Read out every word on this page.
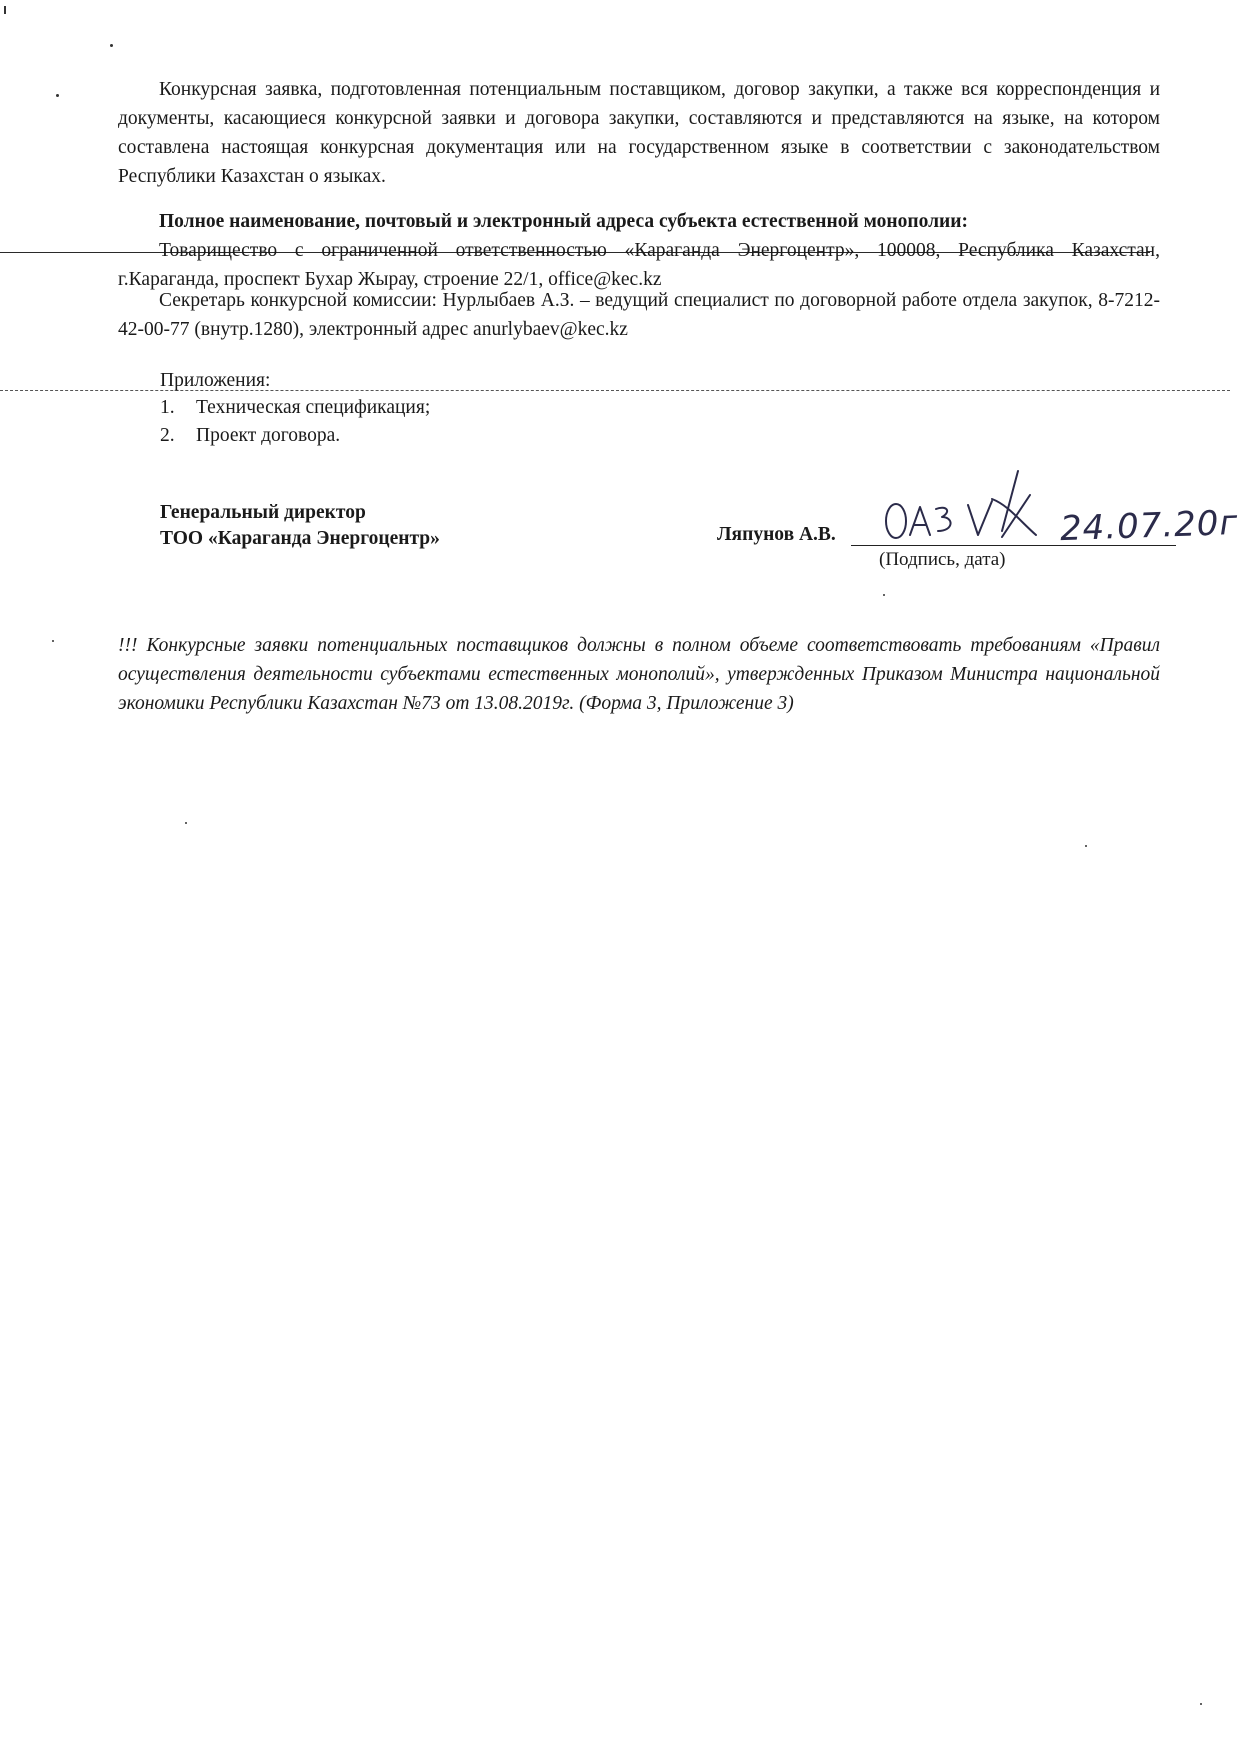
Конкурсная заявка, подготовленная потенциальным поставщиком, договор закупки, а также вся корреспонденция и документы, касающиеся конкурсной заявки и договора закупки, составляются и представляются на языке, на котором составлена настоящая конкурсная документация или на государственном языке в соответствии с законодательством Республики Казахстан о языках.
Полное наименование, почтовый и электронный адреса субъекта естественной монополии:
Товарищество с ограниченной ответственностью «Караганда Энергоцентр», 100008, Республика Казахстан, г.Караганда, проспект Бухар Жырау, строение 22/1, office@kec.kz
Секретарь конкурсной комиссии: Нурлыбаев А.З. – ведущий специалист по договорной работе отдела закупок, 8-7212-42-00-77 (внутр.1280), электронный адрес anurlybaev@kec.kz
Приложения:
1. Техническая спецификация;
2. Проект договора.
Генеральный директор
ТОО «Караганда Энергоцентр»	Ляпунов А.В.	24.07.20г
(Подпись, дата)
!!! Конкурсные заявки потенциальных поставщиков должны в полном объеме соответствовать требованиям «Правил осуществления деятельности субъектами естественных монополий», утвержденных Приказом Министра национальной экономики Республики Казахстан №73 от 13.08.2019г. (Форма 3, Приложение 3)
